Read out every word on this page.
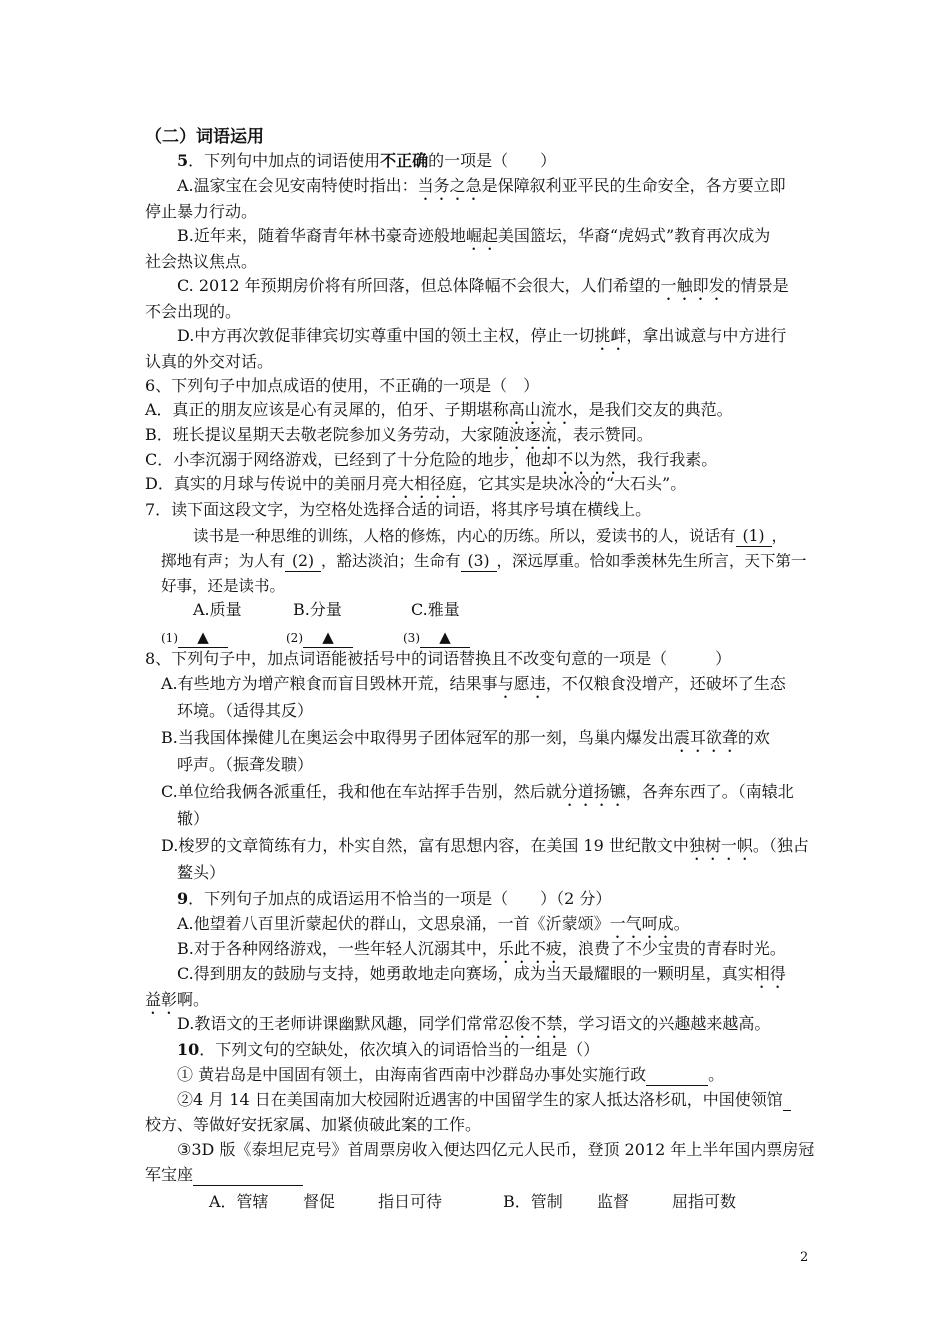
（二）词语运用
5．下列句中加点的词语使用不正确的一项是（　　）
A.温家宝在会见安南特使时指出：当务之急是保障叙利亚平民的生命安全，各方要立即
停止暴力行动。
B.近年来，随着华裔青年林书豪奇迹般地崛起美国篮坛，华裔“虎妈式”教育再次成为
社会热议焦点。
C. 2012 年预期房价将有所回落，但总体降幅不会很大，人们希望的一触即发的情景是
不会出现的。
D.中方再次敦促菲律宾切实尊重中国的领土主权，停止一切挑衅，拿出诚意与中方进行
认真的外交对话。
6、下列句子中加点成语的使用，不正确的一项是（　）
A．真正的朋友应该是心有灵犀的，伯牙、子期堪称高山流水，是我们交友的典范。
B．班长提议星期天去敬老院参加义务劳动，大家随波逐流，表示赞同。
C．小李沉溺于网络游戏，已经到了十分危险的地步，他却不以为然，我行我素。
D．真实的月球与传说中的美丽月亮大相径庭，它其实是块冰冷的“大石头”。
7．读下面这段文字，为空格处选择合适的词语，将其序号填在横线上。
读书是一种思维的训练，人格的修炼，内心的历练。所以，爱读书的人，说话有 (1) ，
掷地有声；为人有 (2) ，豁达淡泊；生命有 (3) ，深远厚重。恰如季羡林先生所言，天下第一
好事，还是读书。
A.质量	B.分量	C.雅量
(1) ▲	(2) ▲	(3) ▲
8、下列句子中，加点词语能被括号中的词语替换且不改变句意的一项是（　　　）
A.有些地方为增产粮食而盲目毁林开荒，结果事与愿违，不仅粮食没增产，还破坏了生态
环境。（适得其反）
B.当我国体操健儿在奥运会中取得男子团体冠军的那一刻，鸟巢内爆发出震耳欲聋的欢
呼声。（振聋发聩）
C.单位给我俩各派重任，我和他在车站挥手告别，然后就分道扬镳，各奔东西了。（南辕北
辙）
D.梭罗的文章简练有力，朴实自然，富有思想内容，在美国 19 世纪散文中独树一帜。（独占
鳌头）
9．下列句子加点的成语运用不恰当的一项是（　　）（2 分）
A.他望着八百里沂蒙起伏的群山，文思泉涌，一首《沂蒙颂》一气呵成。
B.对于各种网络游戏，一些年轻人沉溺其中，乐此不疲，浪费了不少宝贵的青春时光。
C.得到朋友的鼓励与支持，她勇敢地走向赛场，成为当天最耀眼的一颗明星，真实相得
益彰啊。
D.教语文的王老师讲课幽默风趣，同学们常常忍俊不禁，学习语文的兴趣越来越高。
10．下列文句的空缺处，依次填入的词语恰当的一组是（）
① 黄岩岛是中国固有领土，由海南省西南中沙群岛办事处实施行政	。
②4 月 14 日在美国南加大校园附近遇害的中国留学生的家人抵达洛杉矶，中国使领馆
校方、等做好安抚家属、加紧侦破此案的工作。
③3D 版《泰坦尼克号》首周票房收入便达四亿元人民币，登顶 2012 年上半年国内票房冠
军宝座
A．管辖 督促	指日可待	B．管制 监督	屈指可数
2
